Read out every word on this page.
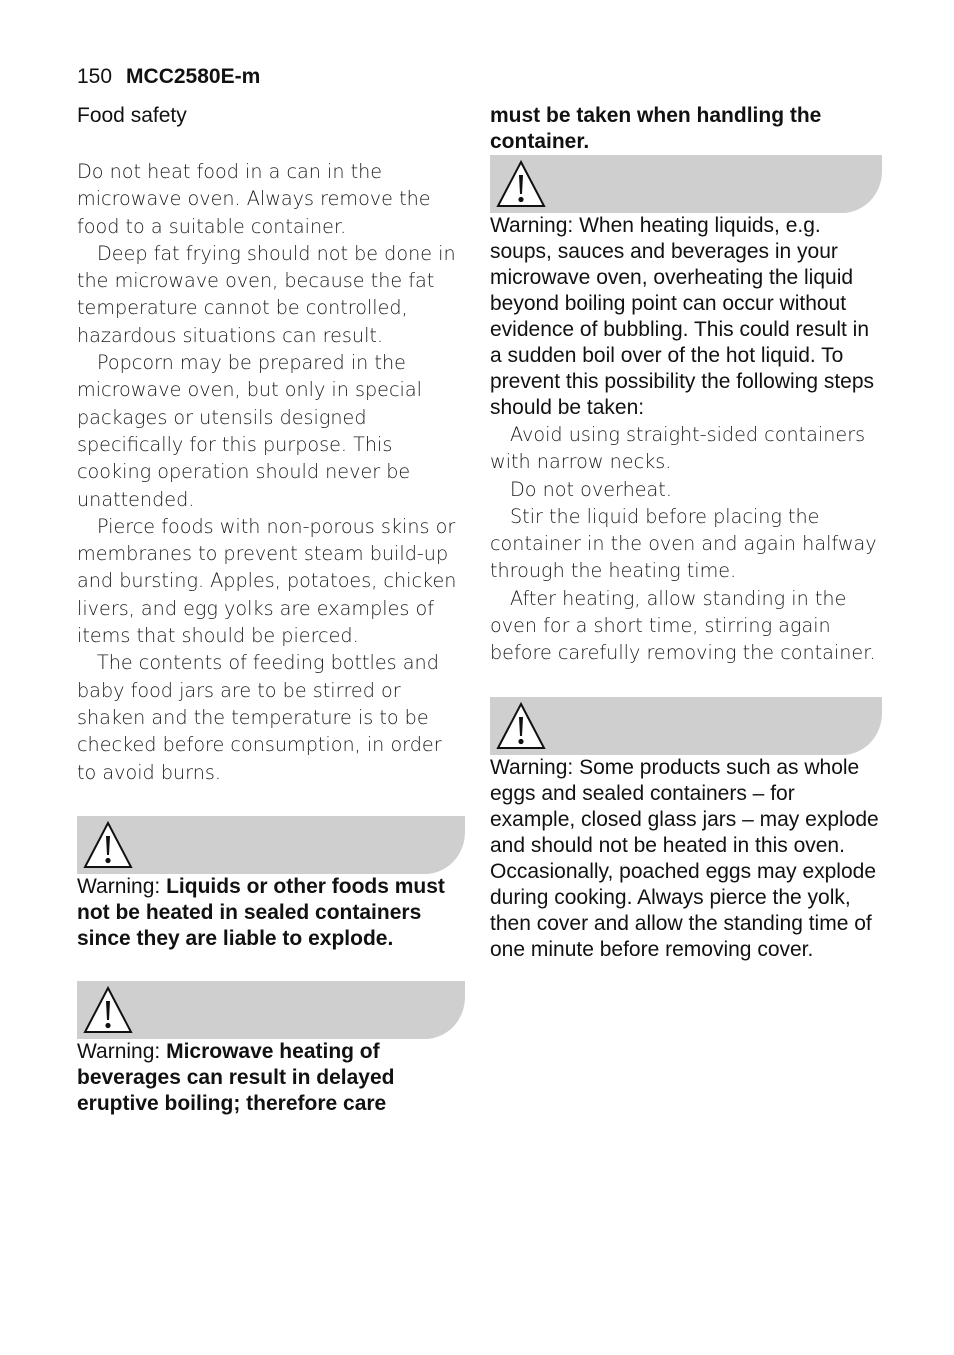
150 MCC2580E-m

Food safety

Do not heat food in a can in the microwave oven. Always remove the food to a suitable container.

Deep fat frying should not be done in the microwave oven, because the fat temperature cannot be controlled, hazardous situations can result.

Popcorn may be prepared in the microwave oven, but only in special packages or utensils designed specifically for this purpose. This cooking operation should never be unattended.

Pierce foods with non-porous skins or membranes to prevent steam build-up and bursting. Apples, potatoes, chicken livers, and egg yolks are examples of items that should be pierced.

The contents of feeding bottles and baby food jars are to be stirred or shaken and the temperature is to be checked before consumption, in order to avoid burns.

Warning: Liquids or other foods must not be heated in sealed containers since they are liable to explode.

Warning: Microwave heating of beverages can result in delayed eruptive boiling; therefore care

must be taken when handling the container.

Warning: When heating liquids, e.g. soups, sauces and beverages in your microwave oven, overheating the liquid beyond boiling point can occur without evidence of bubbling. This could result in a sudden boil over of the hot liquid. To prevent this possibility the following steps should be taken:

Avoid using straight-sided containers with narrow necks.

Do not overheat.

Stir the liquid before placing the container in the oven and again halfway through the heating time.

After heating, allow standing in the oven for a short time, stirring again before carefully removing the container.

Warning: Some products such as whole eggs and sealed containers – for example, closed glass jars – may explode and should not be heated in this oven. Occasionally, poached eggs may explode during cooking. Always pierce the yolk, then cover and allow the standing time of one minute before removing cover.
